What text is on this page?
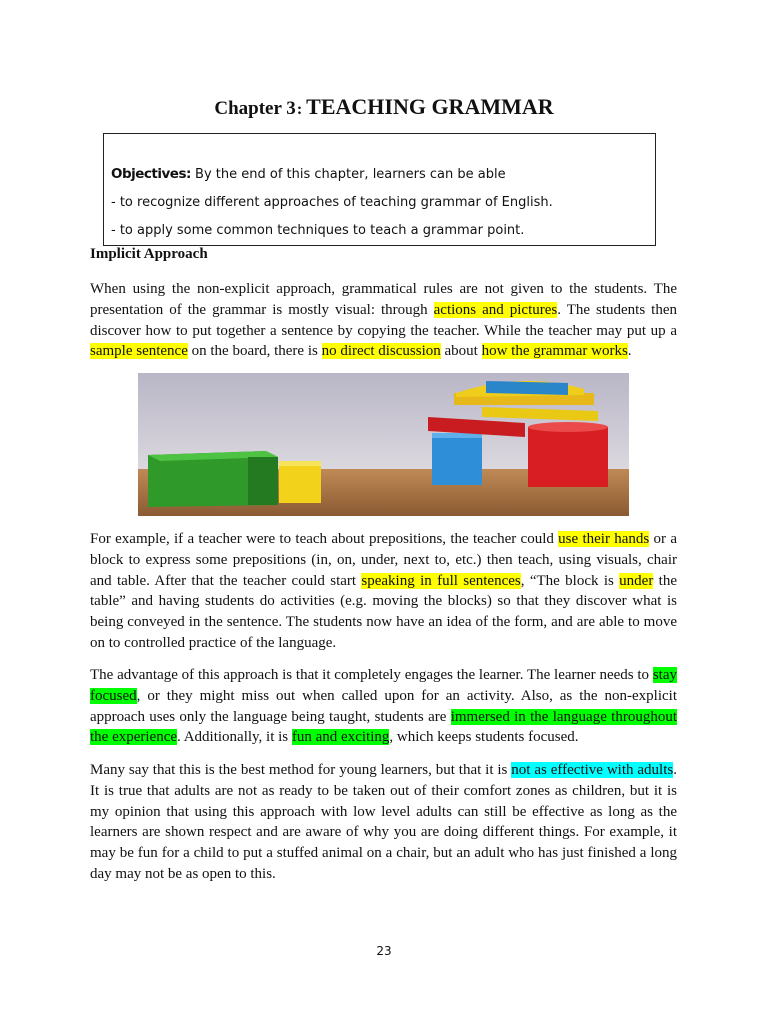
Chapter 3: TEACHING GRAMMAR

Objectives: By the end of this chapter, learners can be able

- to recognize different approaches of teaching grammar of English.

- to apply some common techniques to teach a grammar point.

Implicit Approach

When using the non-explicit approach, grammatical rules are not given to the students. The presentation of the grammar is mostly visual: through actions and pictures. The students then discover how to put together a sentence by copying the teacher. While the teacher may put up a sample sentence on the board, there is no direct discussion about how the grammar works.

For example, if a teacher were to teach about prepositions, the teacher could use their hands or a block to express some prepositions (in, on, under, next to, etc.) then teach, using visuals, chair and table. After that the teacher could start speaking in full sentences, “The block is under the table” and having students do activities (e.g. moving the blocks) so that they discover what is being conveyed in the sentence. The students now have an idea of the form, and are able to move on to controlled practice of the language.

The advantage of this approach is that it completely engages the learner. The learner needs to stay focused, or they might miss out when called upon for an activity. Also, as the non-explicit approach uses only the language being taught, students are immersed in the language throughout the experience. Additionally, it is fun and exciting, which keeps students focused.

Many say that this is the best method for young learners, but that it is not as effective with adults. It is true that adults are not as ready to be taken out of their comfort zones as children, but it is my opinion that using this approach with low level adults can still be effective as long as the learners are shown respect and are aware of why you are doing different things. For example, it may be fun for a child to put a stuffed animal on a chair, but an adult who has just finished a long day may not be as open to this.

23
